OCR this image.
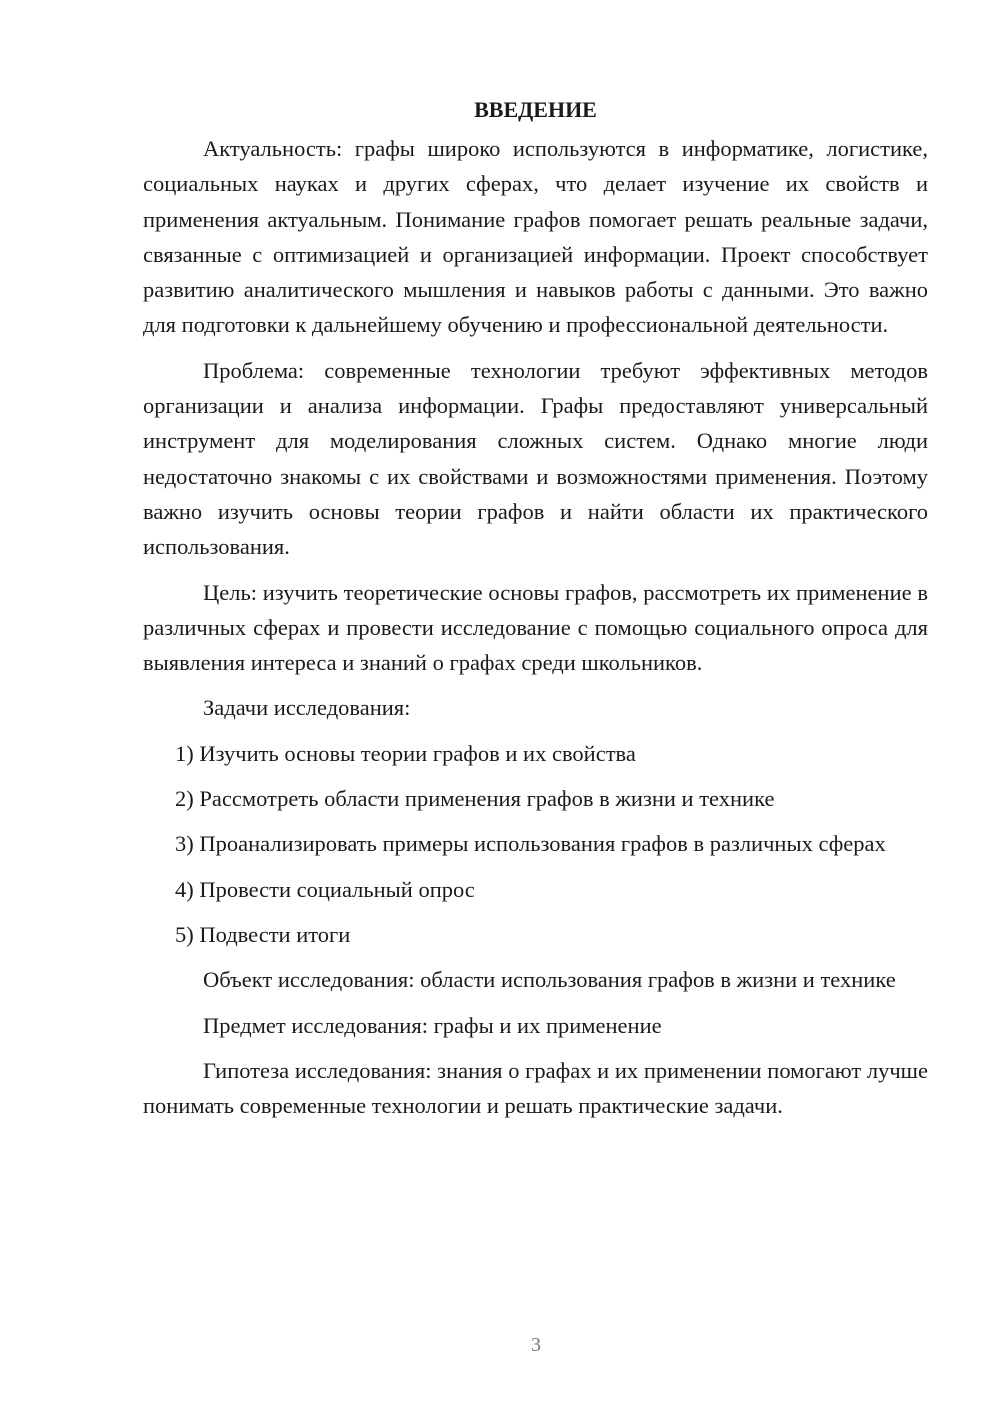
ВВЕДЕНИЕ

Актуальность: графы широко используются в информатике, логистике, социальных науках и других сферах, что делает изучение их свойств и применения актуальным. Понимание графов помогает решать реальные задачи, связанные с оптимизацией и организацией информации. Проект способствует развитию аналитического мышления и навыков работы с данными. Это важно для подготовки к дальнейшему обучению и профессиональной деятельности.

Проблема: современные технологии требуют эффективных методов организации и анализа информации. Графы предоставляют универсальный инструмент для моделирования сложных систем. Однако многие люди недостаточно знакомы с их свойствами и возможностями применения. Поэтому важно изучить основы теории графов и найти области их практического использования.

Цель: изучить теоретические основы графов, рассмотреть их применение в различных сферах и провести исследование с помощью социального опроса для выявления интереса и знаний о графах среди школьников.

Задачи исследования:

1) Изучить основы теории графов и их свойства

2) Рассмотреть области применения графов в жизни и технике

3) Проанализировать примеры использования графов в различных сферах

4) Провести социальный опрос

5) Подвести итоги

Объект исследования: области использования графов в жизни и технике

Предмет исследования: графы и их применение

Гипотеза исследования: знания о графах и их применении помогают лучше понимать современные технологии и решать практические задачи.

3
